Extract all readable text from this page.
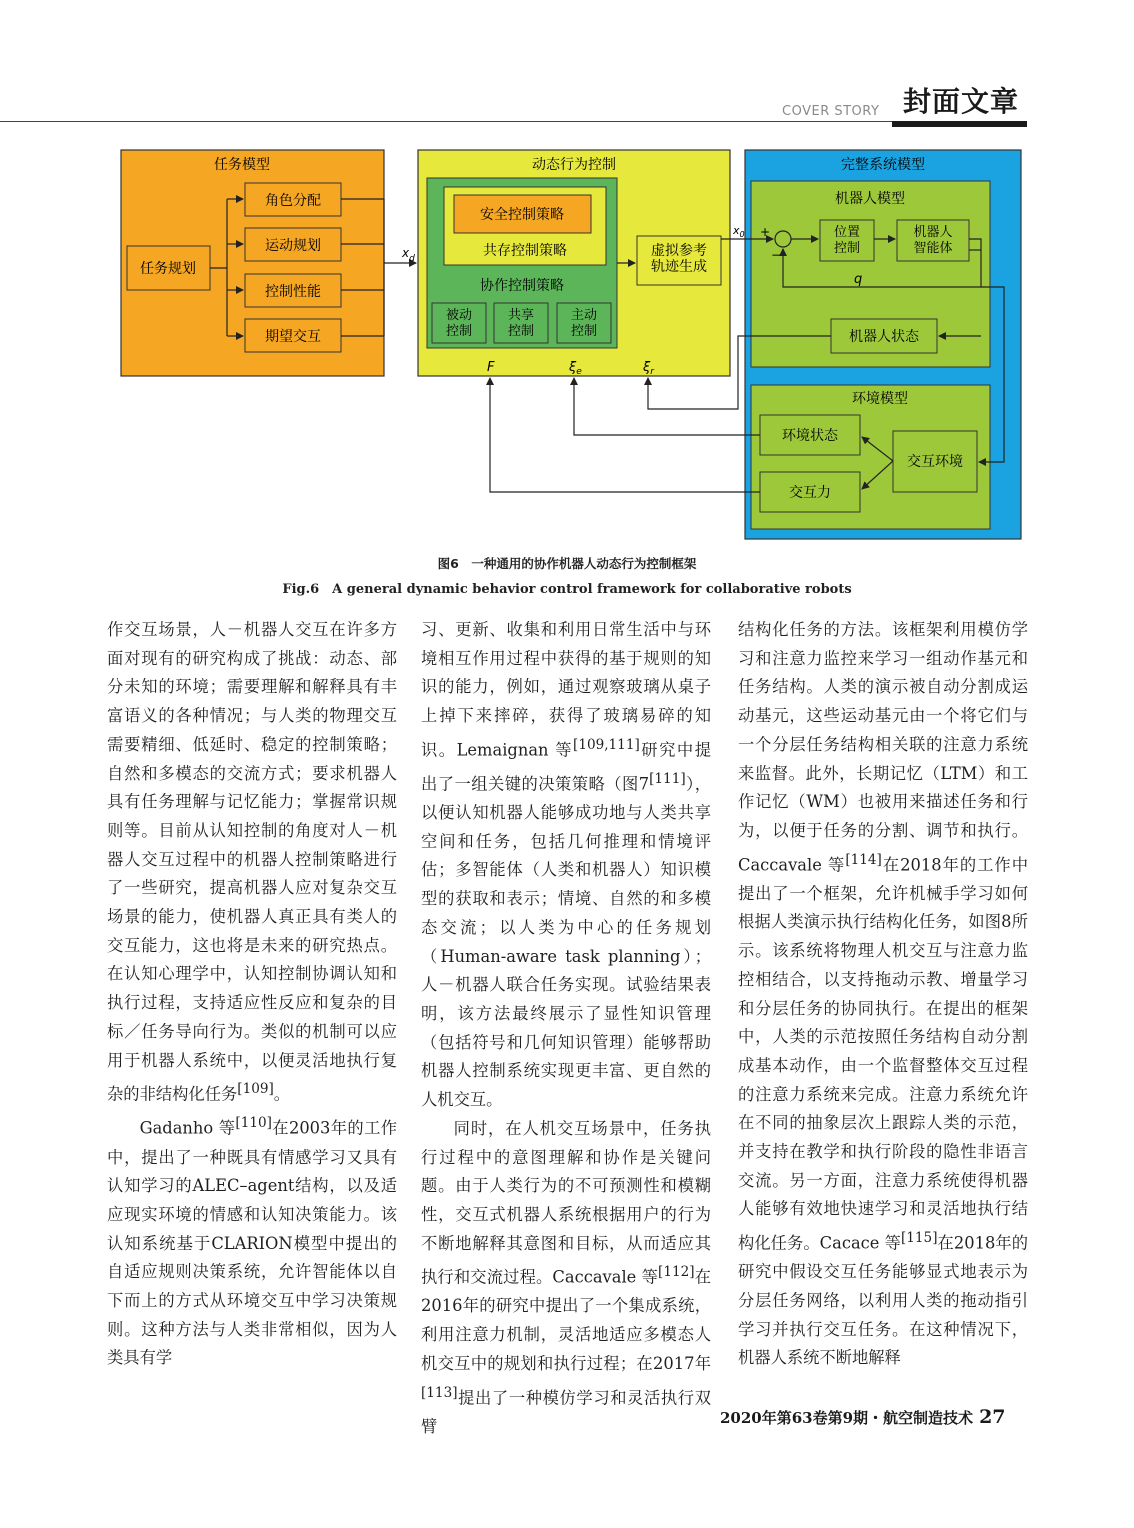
COVER STORY 封面文章
任务模型
任务规划
角色分配
运动规划
控制性能
期望交互
$x_d$
动态行为控制
安全控制策略
共存控制策略
协作控制策略
被动控制
共享控制
主动控制
虚拟参考轨迹生成
F	$\xi_e$	$\xi_r$
完整系统模型
机器人模型
+
−
位置控制
机器人智能体
q
机器人状态
$x_0$
环境模型
环境状态
交互环境
交互力
图6　一种通用的协作机器人动态行为控制框架
Fig.6　A general dynamic behavior control framework for collaborative robots

作交互场景，人－机器人交互在许多方面对现有的研究构成了挑战：动态、部分未知的环境；需要理解和解释具有丰富语义的各种情况；与人类的物理交互需要精细、低延时、稳定的控制策略；自然和多模态的交流方式；要求机器人具有任务理解与记忆能力；掌握常识规则等。目前从认知控制的角度对人－机器人交互过程中的机器人控制策略进行了一些研究，提高机器人应对复杂交互场景的能力，使机器人真正具有类人的交互能力，这也将是未来的研究热点。在认知心理学中，认知控制协调认知和执行过程，支持适应性反应和复杂的目标／任务导向行为。类似的机制可以应用于机器人系统中，以便灵活地执行复杂的非结构化任务[109]。

Gadanho 等[110]在2003年的工作中，提出了一种既具有情感学习又具有认知学习的ALEC–agent结构，以及适应现实环境的情感和认知决策能力。该认知系统基于CLARION模型中提出的自适应规则决策系统，允许智能体以自下而上的方式从环境交互中学习决策规则。这种方法与人类非常相似，因为人类具有学

习、更新、收集和利用日常生活中与环境相互作用过程中获得的基于规则的知识的能力，例如，通过观察玻璃从桌子上掉下来摔碎，获得了玻璃易碎的知识。Lemaignan 等[109,111]研究中提出了一组关键的决策策略（图7[111]），以便认知机器人能够成功地与人类共享空间和任务，包括几何推理和情境评估；多智能体（人类和机器人）知识模型的获取和表示；情境、自然的和多模态交流；以人类为中心的任务规划（Human-aware task planning）；人－机器人联合任务实现。试验结果表明，该方法最终展示了显性知识管理（包括符号和几何知识管理）能够帮助机器人控制系统实现更丰富、更自然的人机交互。

同时，在人机交互场景中，任务执行过程中的意图理解和协作是关键问题。由于人类行为的不可预测性和模糊性，交互式机器人系统根据用户的行为不断地解释其意图和目标，从而适应其执行和交流过程。Caccavale 等[112]在2016年的研究中提出了一个集成系统，利用注意力机制，灵活地适应多模态人机交互中的规划和执行过程；在2017年[113]提出了一种模仿学习和灵活执行双臂

结构化任务的方法。该框架利用模仿学习和注意力监控来学习一组动作基元和任务结构。人类的演示被自动分割成运动基元，这些运动基元由一个将它们与一个分层任务结构相关联的注意力系统来监督。此外，长期记忆（LTM）和工作记忆（WM）也被用来描述任务和行为，以便于任务的分割、调节和执行。Caccavale 等[114]在2018年的工作中提出了一个框架，允许机械手学习如何根据人类演示执行结构化任务，如图8所示。该系统将物理人机交互与注意力监控相结合，以支持拖动示教、增量学习和分层任务的协同执行。在提出的框架中，人类的示范按照任务结构自动分割成基本动作，由一个监督整体交互过程的注意力系统来完成。注意力系统允许在不同的抽象层次上跟踪人类的示范，并支持在教学和执行阶段的隐性非语言交流。另一方面，注意力系统使得机器人能够有效地快速学习和灵活地执行结构化任务。Cacace 等[115]在2018年的研究中假设交互任务能够显式地表示为分层任务网络，以利用人类的拖动指引学习并执行交互任务。在这种情况下，机器人系统不断地解释

2020年第63卷第9期・航空制造技术 27
